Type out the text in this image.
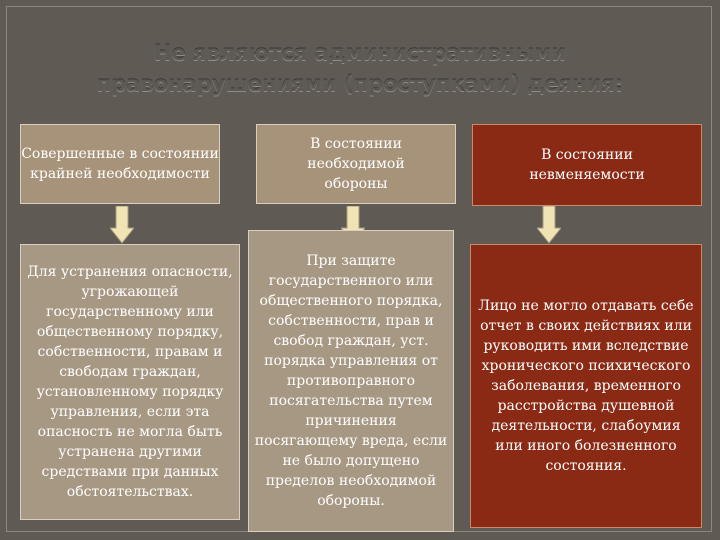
Не являются административными
правонарушениями (проступками) деяния:
Совершенные в состоянии крайней необходимости
Для устранения опасности, угрожающей государственному или общественному порядку, собственности, правам и свободам граждан, установленному порядку управления, если эта опасность не могла быть устранена другими средствами при данных обстоятельствах.
В состоянии необходимой обороны
При защите государственного или общественного порядка, собственности, прав и свобод граждан, уст. порядка управления от противоправного посягательства путем причинения посягающему вреда, если не было допущено пределов необходимой обороны.
В состоянии невменяемости
Лицо не могло отдавать себе отчет в своих действиях или руководить ими вследствие хронического психического заболевания, временного расстройства душевной деятельности, слабоумия или иного болезненного состояния.
